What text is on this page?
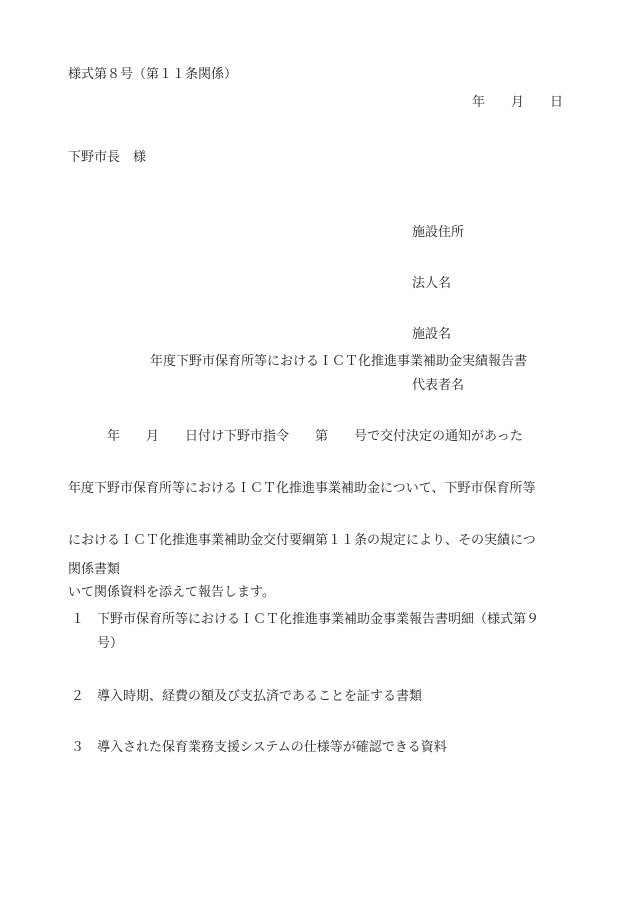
様式第８号（第１１条関係）
年　　月　　日
下野市長　様

施設住所

法人名

施設名

代表者名

年度下野市保育所等におけるＩＣＴ化推進事業補助金実績報告書

　　　年　　月　　日付け下野市指令　　第　　号で交付決定の通知があった

年度下野市保育所等におけるＩＣＴ化推進事業補助金について、下野市保育所等

におけるＩＣＴ化推進事業補助金交付要綱第１１条の規定により、その実績につ

いて関係資料を添えて報告します。

関係書類

１

下野市保育所等におけるＩＣＴ化推進事業補助金事業報告書明細（様式第９

号）

２

導入時期、経費の額及び支払済であることを証する書類

３

導入された保育業務支援システムの仕様等が確認できる資料
